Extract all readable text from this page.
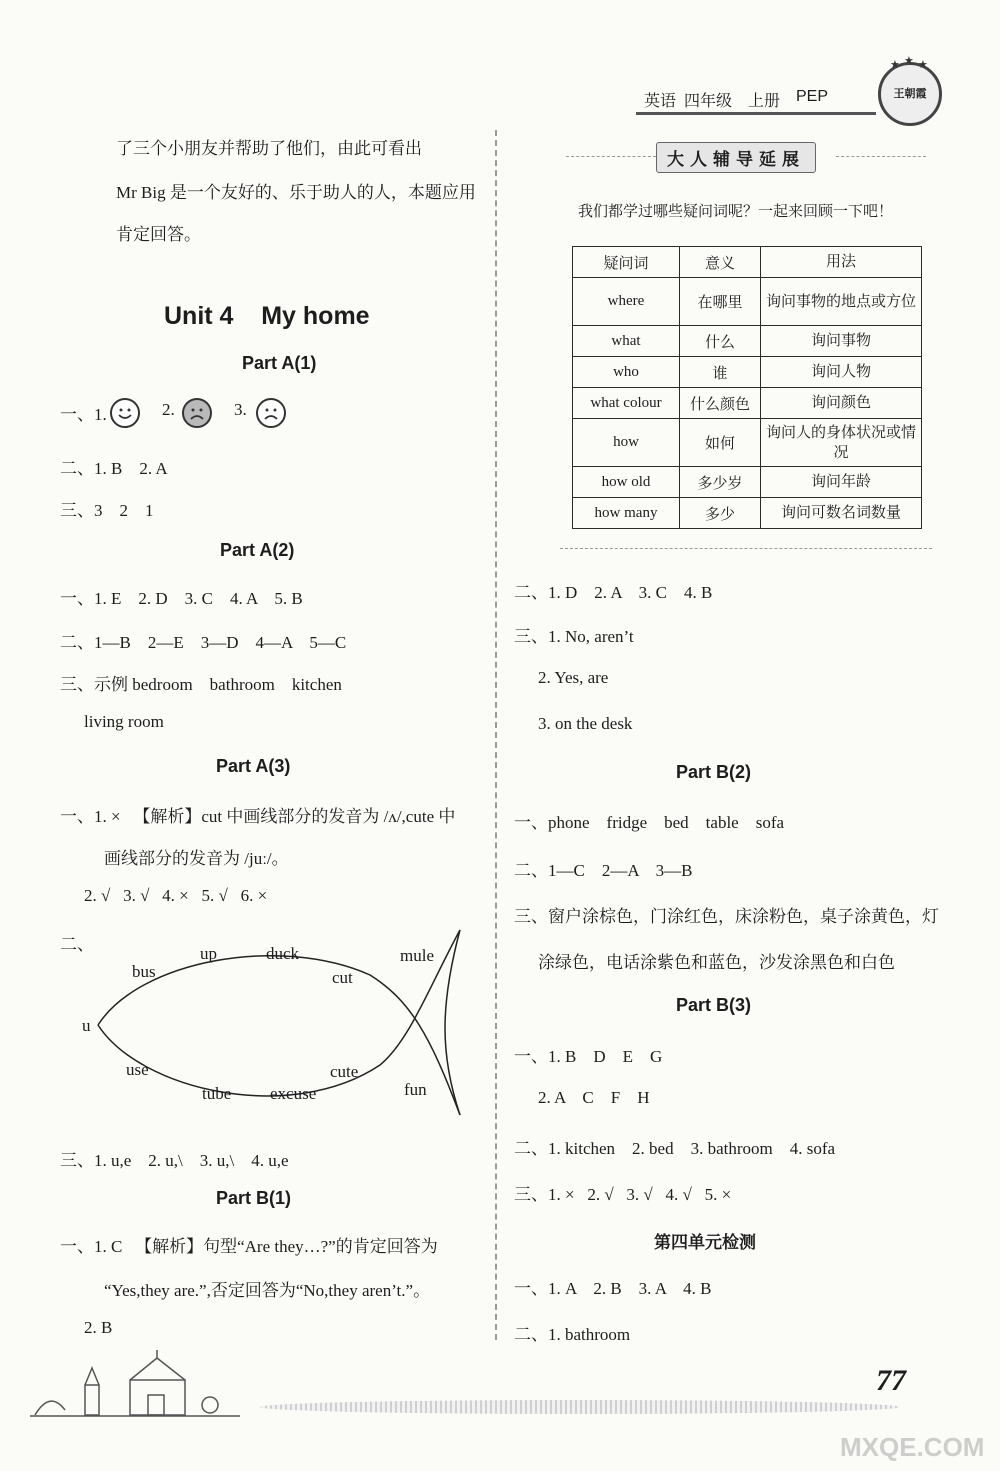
英语 四年级 上册 PEP	王朝霞
★ ★ ★
了三个小朋友并帮助了他们，由此可看出
Mr Big 是一个友好的、乐于助人的人，本题应用
肯定回答。
Unit 4    My home
Part A(1)
一、1.	2.	3.
二、1. B    2. A
三、3    2    1
Part A(2)
一、1. E    2. D    3. C    4. A    5. B
二、1—B    2—E    3—D    4—A    5—C
三、示例 bedroom    bathroom    kitchen
living room
Part A(3)
一、1. ×   【解析】cut 中画线部分的发音为 /ʌ/,cute 中
画线部分的发音为 /juː/。
2. √   3. √   4. ×   5. √   6. ×
二、
u
bus
up	duck
cut
mule
use
tube excuse
cute
fun
三、1. u,e    2. u,\    3. u,\    4. u,e
Part B(1)
一、1. C   【解析】句型“Are they…?”的肯定回答为
“Yes,they are.”,否定回答为“No,they aren’t.”。
2. B
大人辅导延展
我们都学过哪些疑问词呢？一起来回顾一下吧！
疑问词	意义	用法
where	在哪里	询问事物的地点或方位
what	什么	询问事物
who	谁	询问人物
what colour	什么颜色	询问颜色
how	如何	询问人的身体状况或情况
how old	多少岁	询问年龄
how many	多少	询问可数名词数量
二、1. D    2. A    3. C    4. B
三、1. No, aren’t
2. Yes, are
3. on the desk
Part B(2)
一、phone    fridge    bed    table    sofa
二、1—C    2—A    3—B
三、窗户涂棕色，门涂红色，床涂粉色，桌子涂黄色，灯
涂绿色，电话涂紫色和蓝色，沙发涂黑色和白色
Part B(3)
一、1. B    D    E    G
2. A    C    F    H
二、1. kitchen    2. bed    3. bathroom    4. sofa
三、1. ×   2. √   3. √   4. √   5. ×
第四单元检测
一、1. A    2. B    3. A    4. B
二、1. bathroom
77
MXQE.COM
